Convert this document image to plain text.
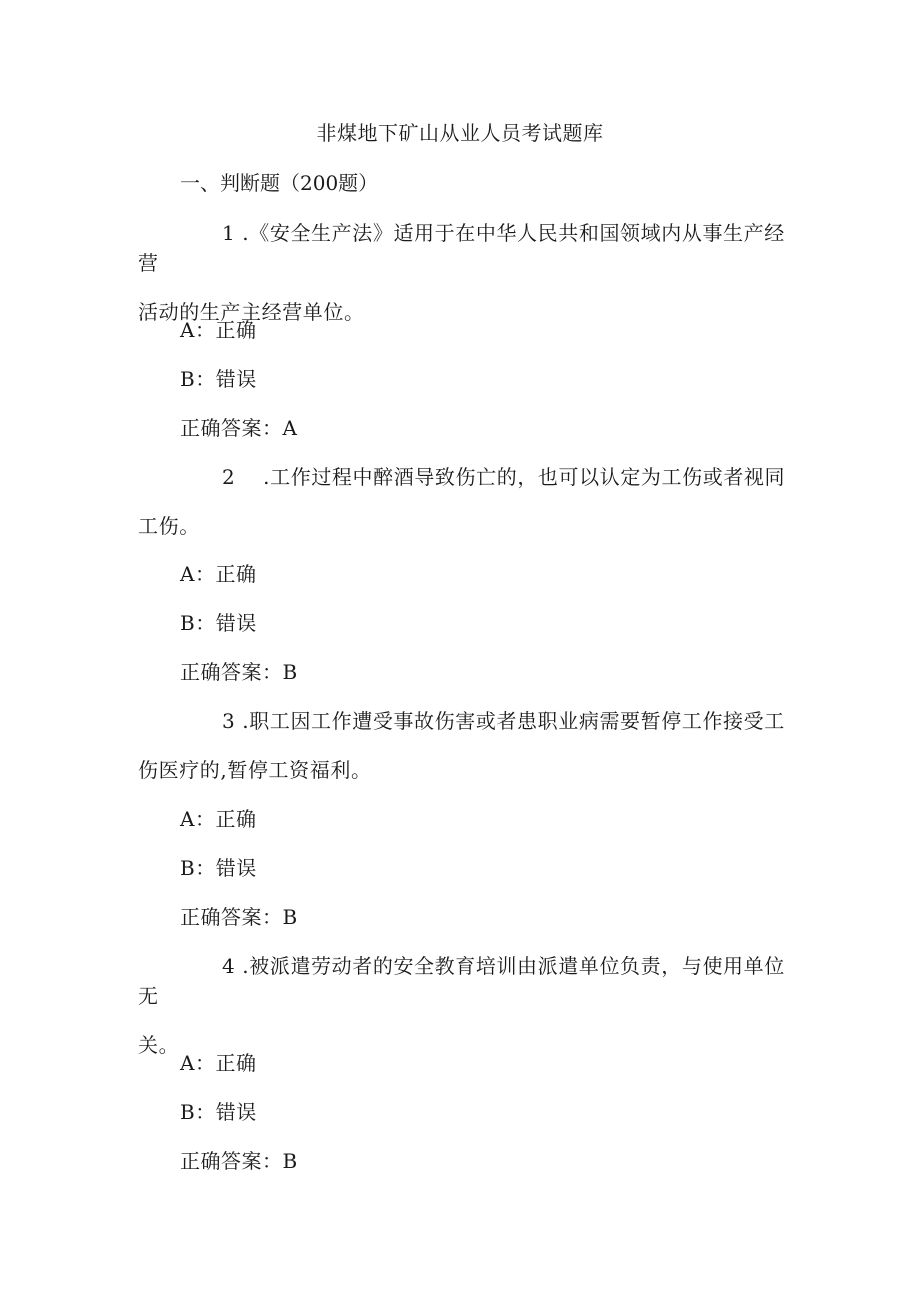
非煤地下矿山从业人员考试题库
一、判断题（200题）

1 .《安全生产法》适用于在中华人民共和国领域内从事生产经营
活动的生产主经营单位。

A：正确
B：错误
正确答案：A

2    .工作过程中醉酒导致伤亡的，也可以认定为工伤或者视同
工伤。

A：正确
B：错误
正确答案：B

3 .职工因工作遭受事故伤害或者患职业病需要暂停工作接受工
伤医疗的,暂停工资福利。

A：正确
B：错误
正确答案：B

4 .被派遣劳动者的安全教育培训由派遣单位负责，与使用单位无
关。

A：正确
B：错误
正确答案：B
